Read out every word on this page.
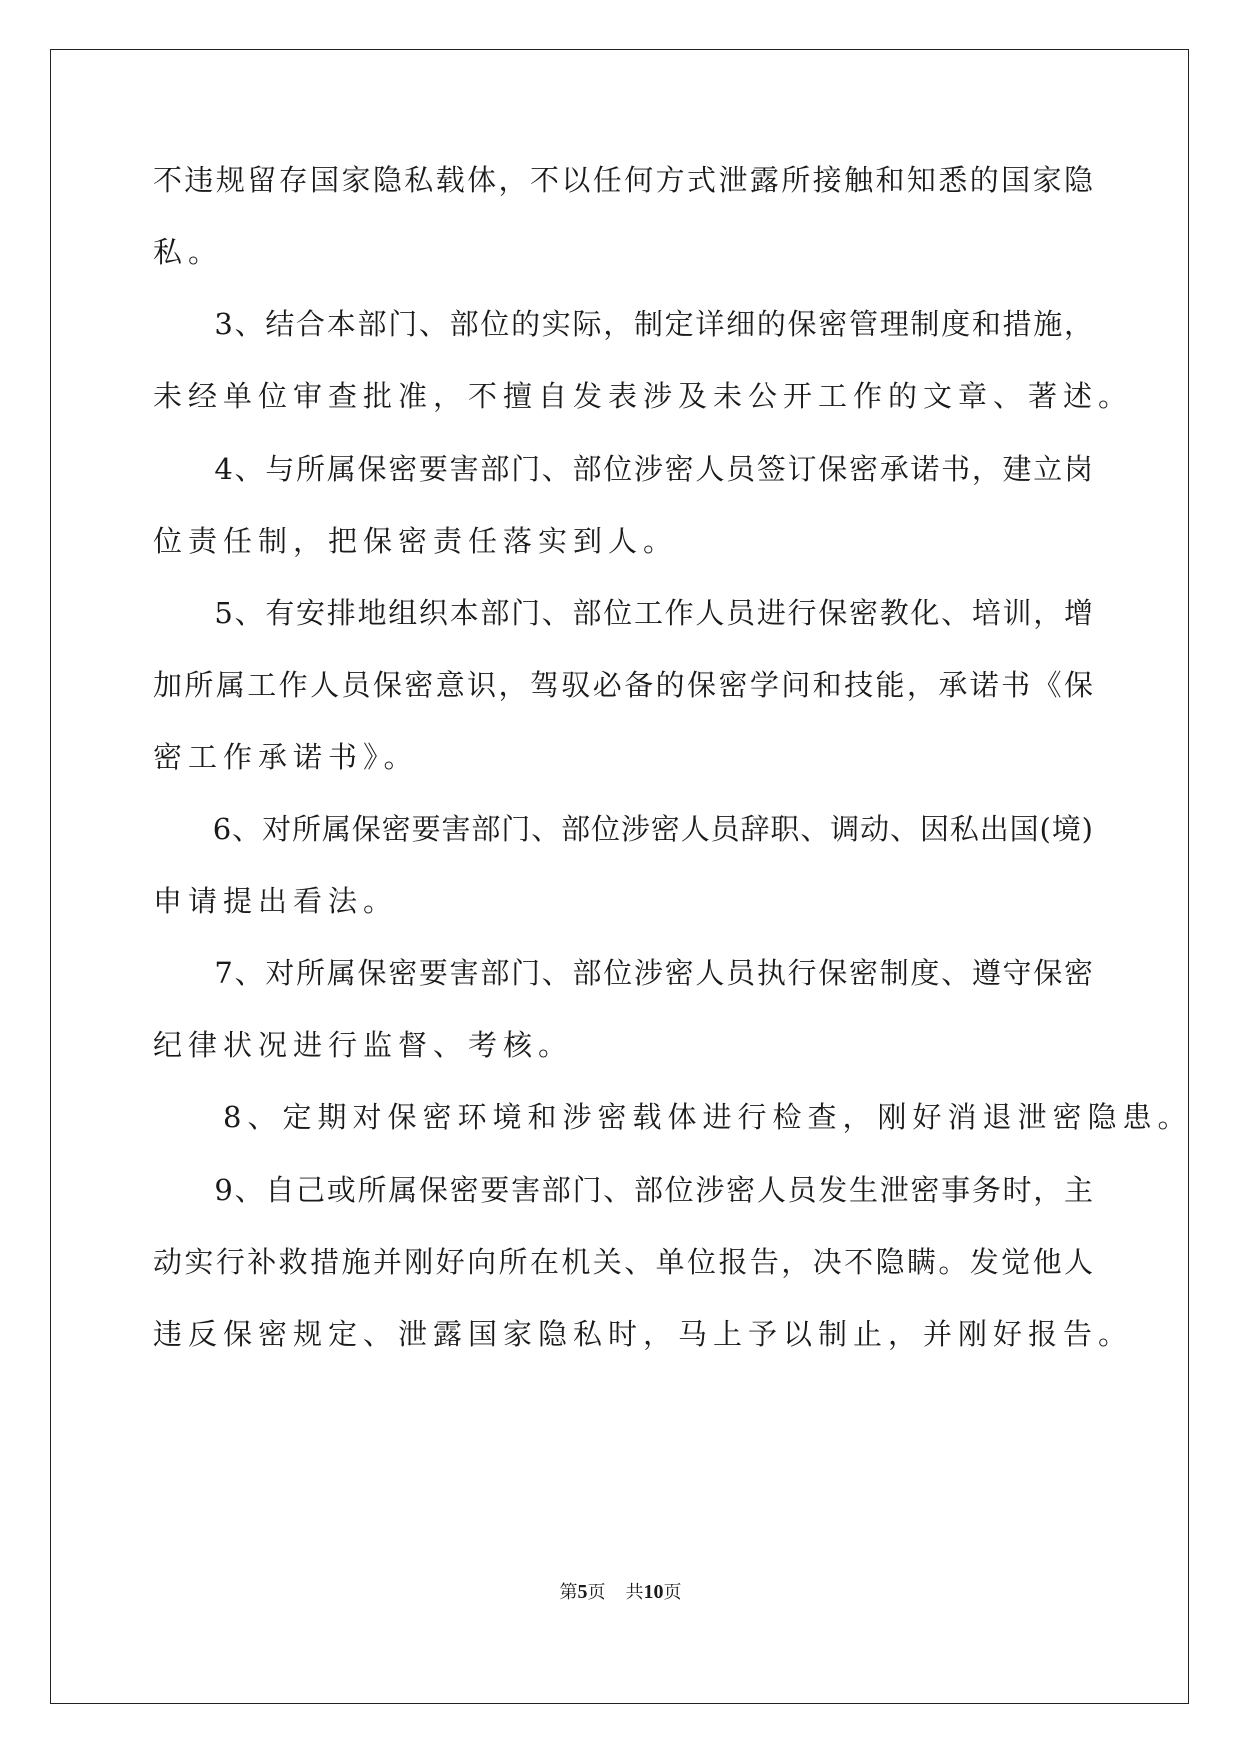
不违规留存国家隐私载体，不以任何方式泄露所接触和知悉的国家隐
私。
　　3、结合本部门、部位的实际，制定详细的保密管理制度和措施，
未经单位审查批准，不擅自发表涉及未公开工作的文章、著述。
　　4、与所属保密要害部门、部位涉密人员签订保密承诺书，建立岗
位责任制，把保密责任落实到人。
　　5、有安排地组织本部门、部位工作人员进行保密教化、培训，增
加所属工作人员保密意识，驾驭必备的保密学问和技能，承诺书《保
密工作承诺书》。
　　6、对所属保密要害部门、部位涉密人员辞职、调动、因私出国(境)
申请提出看法。
　　7、对所属保密要害部门、部位涉密人员执行保密制度、遵守保密
纪律状况进行监督、考核。
　　8、定期对保密环境和涉密载体进行检查，刚好消退泄密隐患。
　　9、自己或所属保密要害部门、部位涉密人员发生泄密事务时，主
动实行补救措施并刚好向所在机关、单位报告，决不隐瞒。发觉他人
违反保密规定、泄露国家隐私时，马上予以制止，并刚好报告。
第5页 共10页
